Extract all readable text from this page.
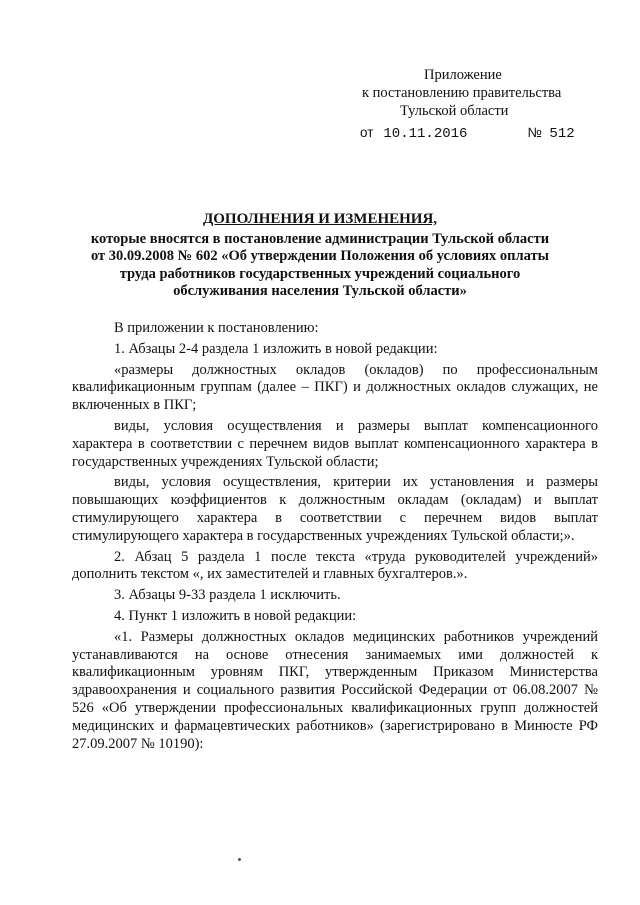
Приложение
к постановлению правительства
Тульской области
от 10.11.2016	№ 512
ДОПОЛНЕНИЯ И ИЗМЕНЕНИЯ,
которые вносятся в постановление администрации Тульской области
от 30.09.2008 № 602 «Об утверждении Положения об условиях оплаты
труда работников государственных учреждений социального
обслуживания населения Тульской области»

В приложении к постановлению:

1. Абзацы 2-4 раздела 1 изложить в новой редакции:

«размеры должностных окладов (окладов) по профессиональным квалификационным группам (далее – ПКГ) и должностных окладов служащих, не включенных в ПКГ;

виды, условия осуществления и размеры выплат компенсационного характера в соответствии с перечнем видов выплат компенсационного характера в государственных учреждениях Тульской области;

виды, условия осуществления, критерии их установления и размеры повышающих коэффициентов к должностным окладам (окладам) и выплат стимулирующего характера в соответствии с перечнем видов выплат стимулирующего характера в государственных учреждениях Тульской области;».

2. Абзац 5 раздела 1 после текста «труда руководителей учреждений» дополнить текстом «, их заместителей и главных бухгалтеров.».

3. Абзацы 9-33 раздела 1 исключить.

4. Пункт 1 изложить в новой редакции:

«1. Размеры должностных окладов медицинских работников учреждений устанавливаются на основе отнесения занимаемых ими должностей к квалификационным уровням ПКГ, утвержденным Приказом Министерства здравоохранения и социального развития Российской Федерации от 06.08.2007 № 526 «Об утверждении профессиональных квалификационных групп должностей медицинских и фармацевтических работников» (зарегистрировано в Минюсте РФ 27.09.2007 № 10190):
